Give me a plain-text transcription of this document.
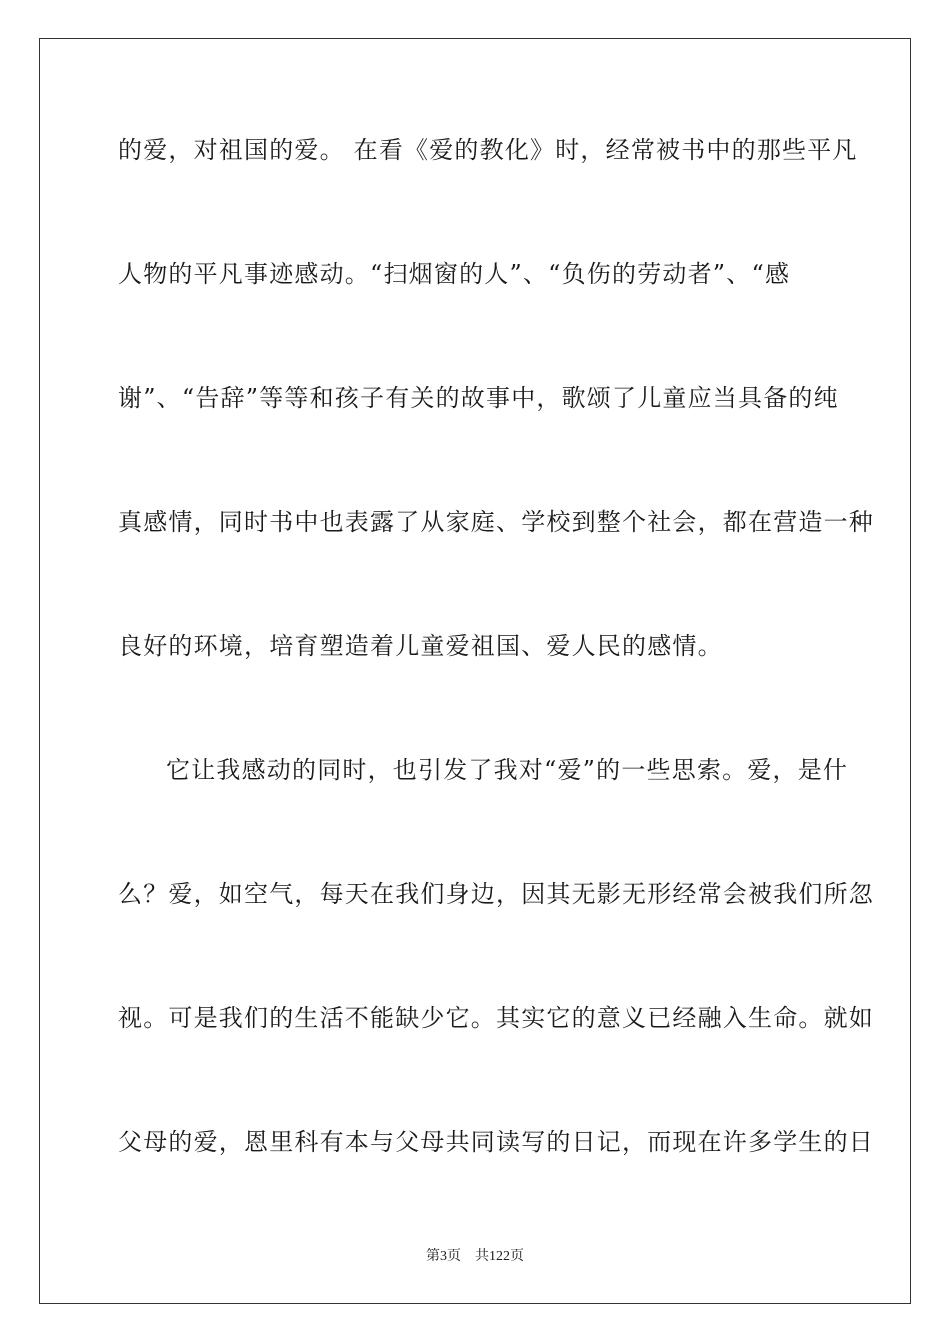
的爱，对祖国的爱。 在看《爱的教化》时，经常被书中的那些平凡
人物的平凡事迹感动。“扫烟窗的人”、“负伤的劳动者”、“感
谢”、“告辞”等等和孩子有关的故事中，歌颂了儿童应当具备的纯
真感情，同时书中也表露了从家庭、学校到整个社会，都在营造一种
良好的环境，培育塑造着儿童爱祖国、爱人民的感情。
它让我感动的同时，也引发了我对“爱”的一些思索。爱，是什
么？爱，如空气，每天在我们身边，因其无影无形经常会被我们所忽
视。可是我们的生活不能缺少它。其实它的意义已经融入生命。就如
父母的爱，恩里科有本与父母共同读写的日记，而现在许多学生的日
第3页 共122页
